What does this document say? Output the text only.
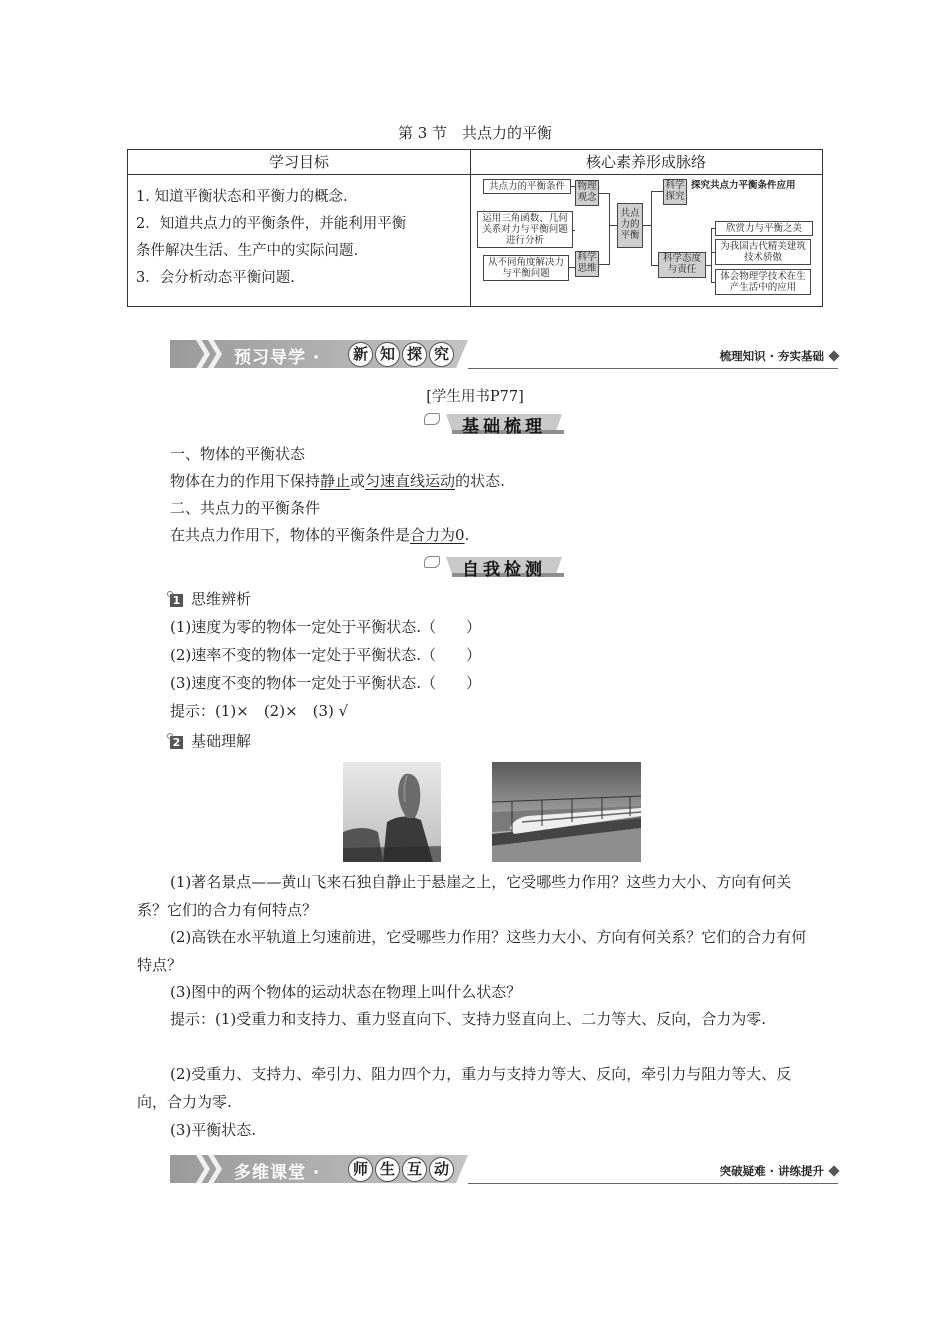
第 3 节　共点力的平衡
学习目标	核心素养形成脉络
1. 知道平衡状态和平衡力的概念.
2．知道共点力的平衡条件，并能利用平衡
条件解决生活、生产中的实际问题.
3．会分析动态平衡问题.
共点力的平衡条件
运用三角函数、几何关系对力与平衡问题进行分析
从不同角度解决力与平衡问题
物理观念
科学思维
共点力的平衡
科学探究
科学态度与责任
探究共点力平衡条件应用
欣赏力与平衡之美
为我国古代精美建筑技术骄傲
体会物理学技术在生产生活中的应用
预习导学 ·	新 知 探 究	梳理知识 · 夯实基础
[学生用书P77]
基础梳理
一、物体的平衡状态
物体在力的作用下保持静止或匀速直线运动的状态.
二、共点力的平衡条件
在共点力作用下，物体的平衡条件是合力为0.
自我检测
1 思维辨析
(1)速度为零的物体一定处于平衡状态.（　　）
(2)速率不变的物体一定处于平衡状态.（　　）
(3)速度不变的物体一定处于平衡状态.（　　）
提示：(1)×　(2)×　(3) √
2 基础理解
(1)著名景点——黄山飞来石独自静止于悬崖之上，它受哪些力作用？这些力大小、方向有何关系？它们的合力有何特点？
(2)高铁在水平轨道上匀速前进，它受哪些力作用？这些力大小、方向有何关系？它们的合力有何特点？
(3)图中的两个物体的运动状态在物理上叫什么状态？
提示：(1)受重力和支持力、重力竖直向下、支持力竖直向上、二力等大、反向，合力为零.
(2)受重力、支持力、牵引力、阻力四个力，重力与支持力等大、反向，牵引力与阻力等大、反向，合力为零.
(3)平衡状态.
多维课堂 ·	师 生 互 动	突破疑难 · 讲练提升
